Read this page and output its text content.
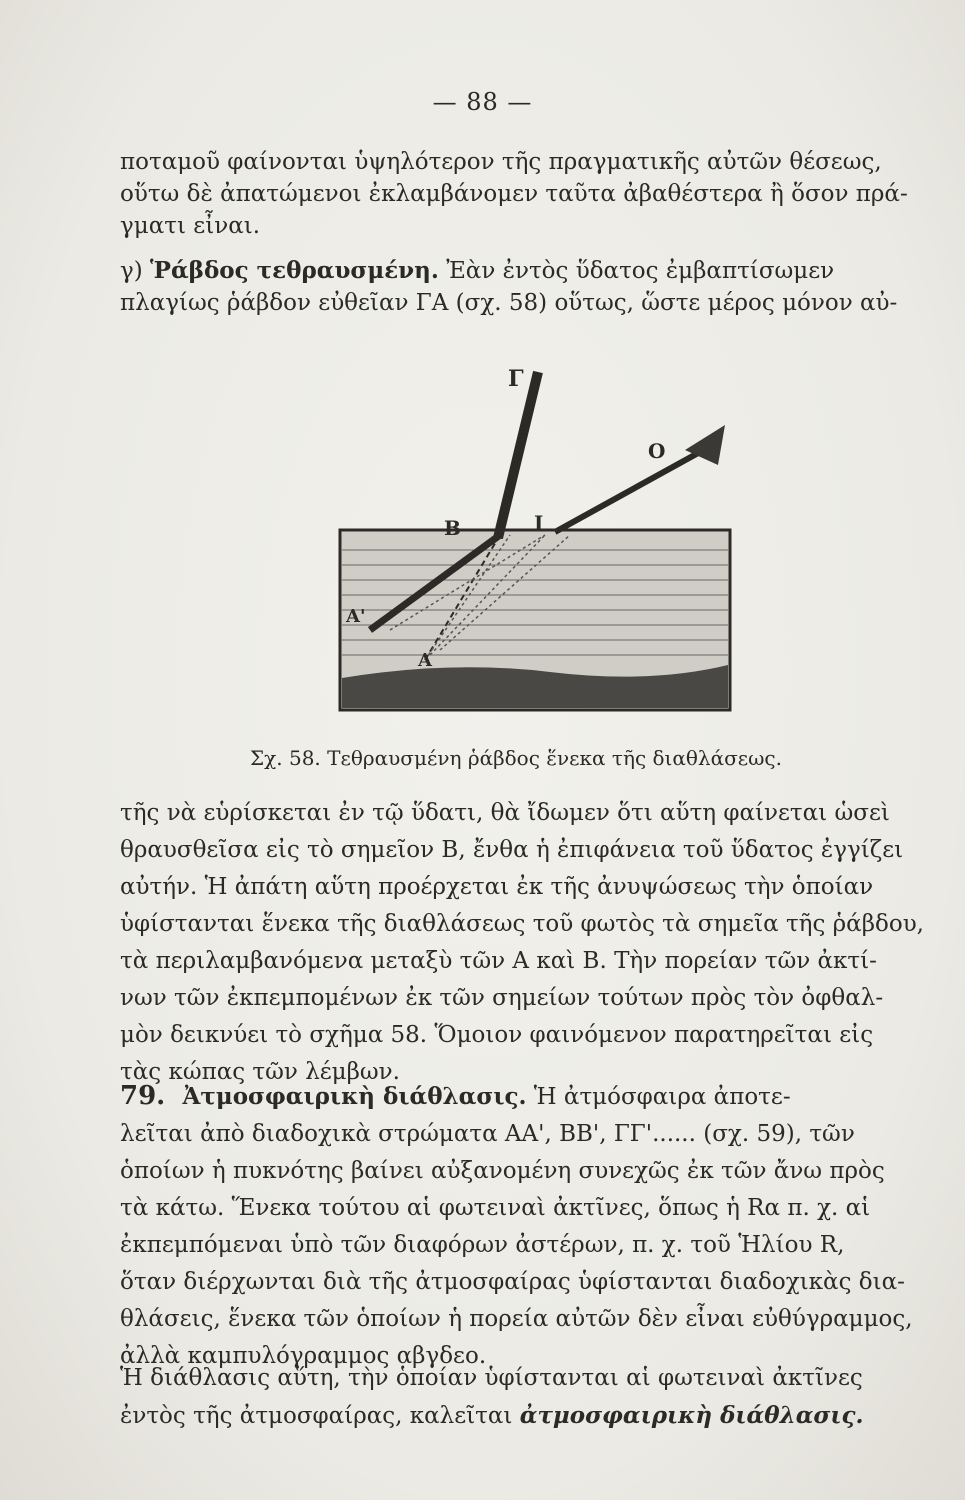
— 88 —
ποταμοῦ φαίνονται ὑψηλότερον τῆς πραγματικῆς αὐτῶν θέσεως,
οὕτω δὲ ἀπατώμενοι ἐκλαμβάνομεν ταῦτα ἀβαθέστερα ἢ ὅσον πρά-
γματι εἶναι.
γ) Ῥάβδος τεθραυσμένη. Ἐὰν ἐντὸς ὕδατος ἐμβαπτίσωμεν
πλαγίως ῥάβδον εὐθεῖαν ΓΑ (σχ. 58) οὕτως, ὥστε μέρος μόνον αὐ-
Γ
Ο
Β	Ι
Α'
Α
Σχ. 58. Τεθραυσμένη ῥάβδος ἕνεκα τῆς διαθλάσεως.
τῆς νὰ εὑρίσκεται ἐν τῷ ὕδατι, θὰ ἴδωμεν ὅτι αὕτη φαίνεται ὡσεὶ
θραυσθεῖσα εἰς τὸ σημεῖον Β, ἔνθα ἡ ἐπιφάνεια τοῦ ὕδατος ἐγγίζει
αὐτήν. Ἡ ἀπάτη αὕτη προέρχεται ἐκ τῆς ἀνυψώσεως τὴν ὁποίαν
ὑφίστανται ἕνεκα τῆς διαθλάσεως τοῦ φωτὸς τὰ σημεῖα τῆς ῥάβδου,
τὰ περιλαμβανόμενα μεταξὺ τῶν Α καὶ Β. Τὴν πορείαν τῶν ἀκτί-
νων τῶν ἐκπεμπομένων ἐκ τῶν σημείων τούτων πρὸς τὸν ὀφθαλ-
μὸν δεικνύει τὸ σχῆμα 58. Ὅμοιον φαινόμενον παρατηρεῖται εἰς
τὰς κώπας τῶν λέμβων.
79. Ἀτμοσφαιρικὴ διάθλασις. Ἡ ἀτμόσφαιρα ἀποτε-
λεῖται ἀπὸ διαδοχικὰ στρώματα ΑΑ', ΒΒ', ΓΓ'...... (σχ. 59), τῶν
ὁποίων ἡ πυκνότης βαίνει αὐξανομένη συνεχῶς ἐκ τῶν ἄνω πρὸς
τὰ κάτω. Ἕνεκα τούτου αἱ φωτειναὶ ἀκτῖνες, ὅπως ἡ Rα π. χ. αἱ
ἐκπεμπόμεναι ὑπὸ τῶν διαφόρων ἀστέρων, π. χ. τοῦ Ἡλίου R,
ὅταν διέρχωνται διὰ τῆς ἀτμοσφαίρας ὑφίστανται διαδοχικὰς δια-
θλάσεις, ἕνεκα τῶν ὁποίων ἡ πορεία αὐτῶν δὲν εἶναι εὐθύγραμμος,
ἀλλὰ καμπυλόγραμμος αβγδεο.
Ἡ διάθλασις αὕτη, τὴν ὁποίαν ὑφίστανται αἱ φωτειναὶ ἀκτῖνες
ἐντὸς τῆς ἀτμοσφαίρας, καλεῖται ἀτμοσφαιρικὴ διάθλασις.
